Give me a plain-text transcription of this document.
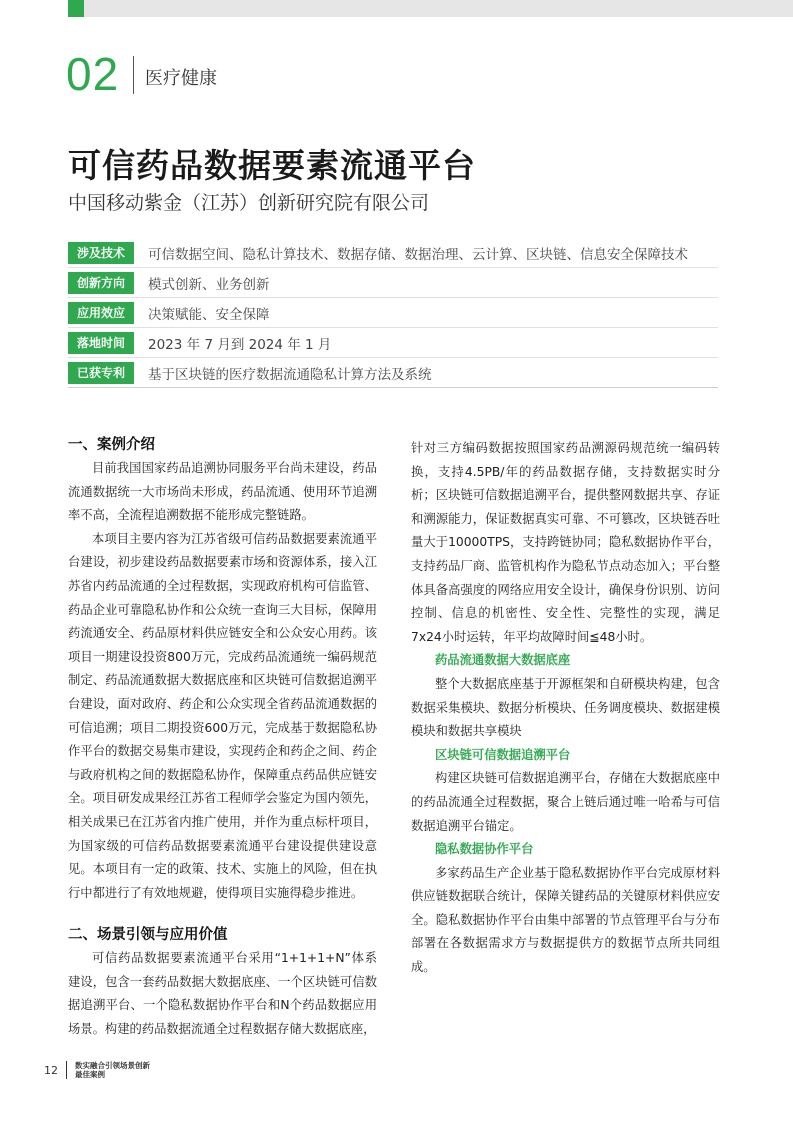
02 医疗健康
可信药品数据要素流通平台
中国移动紫金（江苏）创新研究院有限公司
涉及技术	可信数据空间、隐私计算技术、数据存储、数据治理、云计算、区块链、信息安全保障技术
创新方向	模式创新、业务创新
应用效应	决策赋能、安全保障
落地时间	2023 年 7 月到 2024 年 1 月
已获专利	基于区块链的医疗数据流通隐私计算方法及系统
一、案例介绍

目前我国国家药品追溯协同服务平台尚未建设，药品流通数据统一大市场尚未形成，药品流通、使用环节追溯率不高，全流程追溯数据不能形成完整链路。

本项目主要内容为江苏省级可信药品数据要素流通平台建设，初步建设药品数据要素市场和资源体系，接入江苏省内药品流通的全过程数据，实现政府机构可信监管、药品企业可靠隐私协作和公众统一查询三大目标，保障用药流通安全、药品原材料供应链安全和公众安心用药。该项目一期建设投资800万元，完成药品流通统一编码规范制定、药品流通数据大数据底座和区块链可信数据追溯平台建设，面对政府、药企和公众实现全省药品流通数据的可信追溯；项目二期投资600万元，完成基于数据隐私协作平台的数据交易集市建设，实现药企和药企之间、药企与政府机构之间的数据隐私协作，保障重点药品供应链安全。项目研发成果经江苏省工程师学会鉴定为国内领先，相关成果已在江苏省内推广使用，并作为重点标杆项目，为国家级的可信药品数据要素流通平台建设提供建设意见。本项目有一定的政策、技术、实施上的风险，但在执行中都进行了有效地规避，使得项目实施得稳步推进。

二、场景引领与应用价值

可信药品数据要素流通平台采用“1+1+1+N”体系建设，包含一套药品数据大数据底座、一个区块链可信数据追溯平台、一个隐私数据协作平台和N个药品数据应用场景。构建的药品数据流通全过程数据存储大数据底座，

针对三方编码数据按照国家药品溯源码规范统一编码转换，支持4.5PB/年的药品数据存储，支持数据实时分析；区块链可信数据追溯平台，提供整网数据共享、存证和溯源能力，保证数据真实可靠、不可篡改，区块链吞吐量大于10000TPS，支持跨链协同；隐私数据协作平台，支持药品厂商、监管机构作为隐私节点动态加入；平台整体具备高强度的网络应用安全设计，确保身份识别、访问控制、信息的机密性、安全性、完整性的实现，满足7x24小时运转，年平均故障时间≦48小时。

药品流通数据大数据底座

整个大数据底座基于开源框架和自研模块构建，包含数据采集模块、数据分析模块、任务调度模块、数据建模模块和数据共享模块

区块链可信数据追溯平台

构建区块链可信数据追溯平台，存储在大数据底座中的药品流通全过程数据，聚合上链后通过唯一哈希与可信数据追溯平台锚定。

隐私数据协作平台

多家药品生产企业基于隐私数据协作平台完成原材料供应链数据联合统计，保障关键药品的关键原材料供应安全。隐私数据协作平台由集中部署的节点管理平台与分布部署在各数据需求方与数据提供方的数据节点所共同组成。

12 数实融合引领场景创新
最佳案例
